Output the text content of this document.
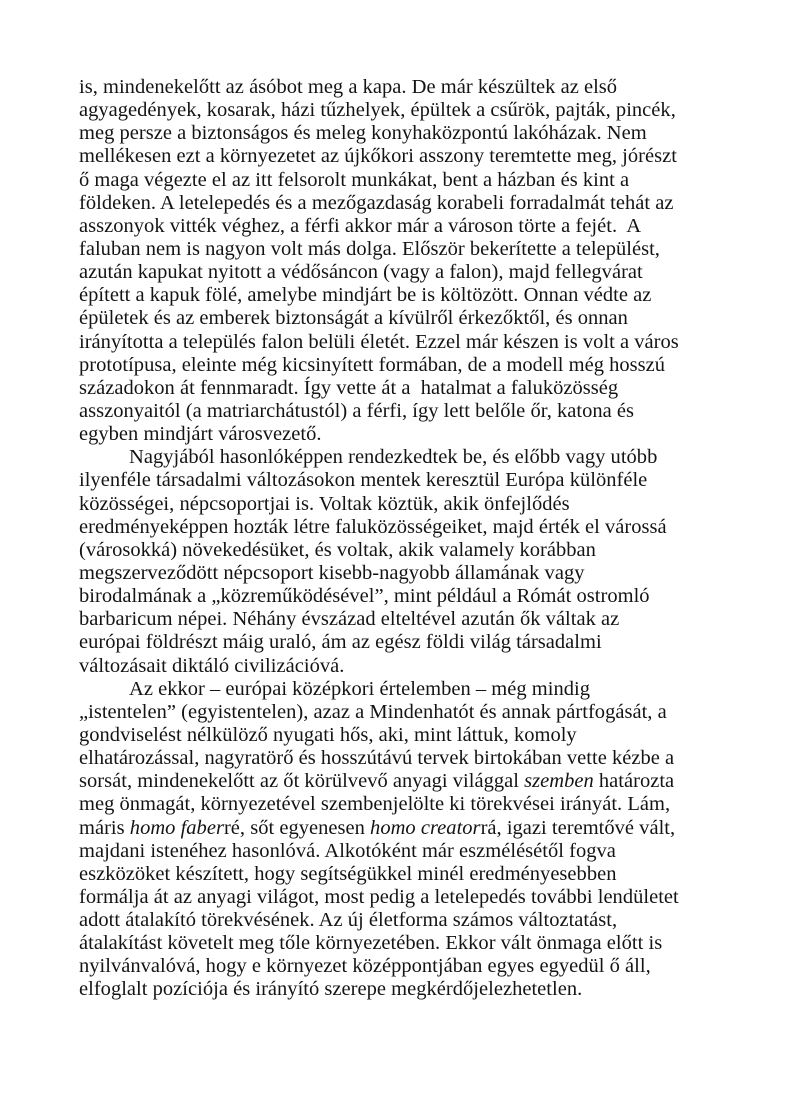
is, mindenekelőtt az ásóbot meg a kapa. De már készültek az első
agyagedények, kosarak, házi tűzhelyek, épültek a csűrök, pajták, pincék,
meg persze a biztonságos és meleg konyhaközpontú lakóházak. Nem
mellékesen ezt a környezetet az újkőkori asszony teremtette meg, jórészt
ő maga végezte el az itt felsorolt munkákat, bent a házban és kint a
földeken. A letelepedés és a mezőgazdaság korabeli forradalmát tehát az
asszonyok vitték véghez, a férfi akkor már a városon törte a fejét.  A
faluban nem is nagyon volt más dolga. Először bekerítette a települést,
azután kapukat nyitott a védősáncon (vagy a falon), majd fellegvárat
épített a kapuk fölé, amelybe mindjárt be is költözött. Onnan védte az
épületek és az emberek biztonságát a kívülről érkezőktől, és onnan
irányította a település falon belüli életét. Ezzel már készen is volt a város
prototípusa, eleinte még kicsinyített formában, de a modell még hosszú
századokon át fennmaradt. Így vette át a  hatalmat a faluközösség
asszonyaitól (a matriarchátustól) a férfi, így lett belőle őr, katona és
egyben mindjárt városvezető.
Nagyjából hasonlóképpen rendezkedtek be, és előbb vagy utóbb
ilyenféle társadalmi változásokon mentek keresztül Európa különféle
közösségei, népcsoportjai is. Voltak köztük, akik önfejlődés
eredményeképpen hozták létre faluközösségeiket, majd érték el várossá
(városokká) növekedésüket, és voltak, akik valamely korábban
megszerveződött népcsoport kisebb-nagyobb államának vagy
birodalmának a „közreműködésével”, mint például a Rómát ostromló
barbaricum népei. Néhány évszázad elteltével azután ők váltak az
európai földrészt máig uraló, ám az egész földi világ társadalmi
változásait diktáló civilizációvá.
Az ekkor – európai középkori értelemben – még mindig
„istentelen” (egyistentelen), azaz a Mindenhatót és annak pártfogását, a
gondviselést nélkülöző nyugati hős, aki, mint láttuk, komoly
elhatározással, nagyratörő és hosszútávú tervek birtokában vette kézbe a
sorsát, mindenekelőtt az őt körülvevő anyagi világgal szemben határozta
meg önmagát, környezetével szembenjelölte ki törekvései irányát. Lám,
máris homo faberré, sőt egyenesen homo creatorrá, igazi teremtővé vált,
majdani istenéhez hasonlóvá. Alkotóként már eszmélésétől fogva
eszközöket készített, hogy segítségükkel minél eredményesebben
formálja át az anyagi világot, most pedig a letelepedés további lendületet
adott átalakító törekvésének. Az új életforma számos változtatást,
átalakítást követelt meg tőle környezetében. Ekkor vált önmaga előtt is
nyilvánvalóvá, hogy e környezet középpontjában egyes egyedül ő áll,
elfoglalt pozíciója és irányító szerepe megkérdőjelezhetetlen.
